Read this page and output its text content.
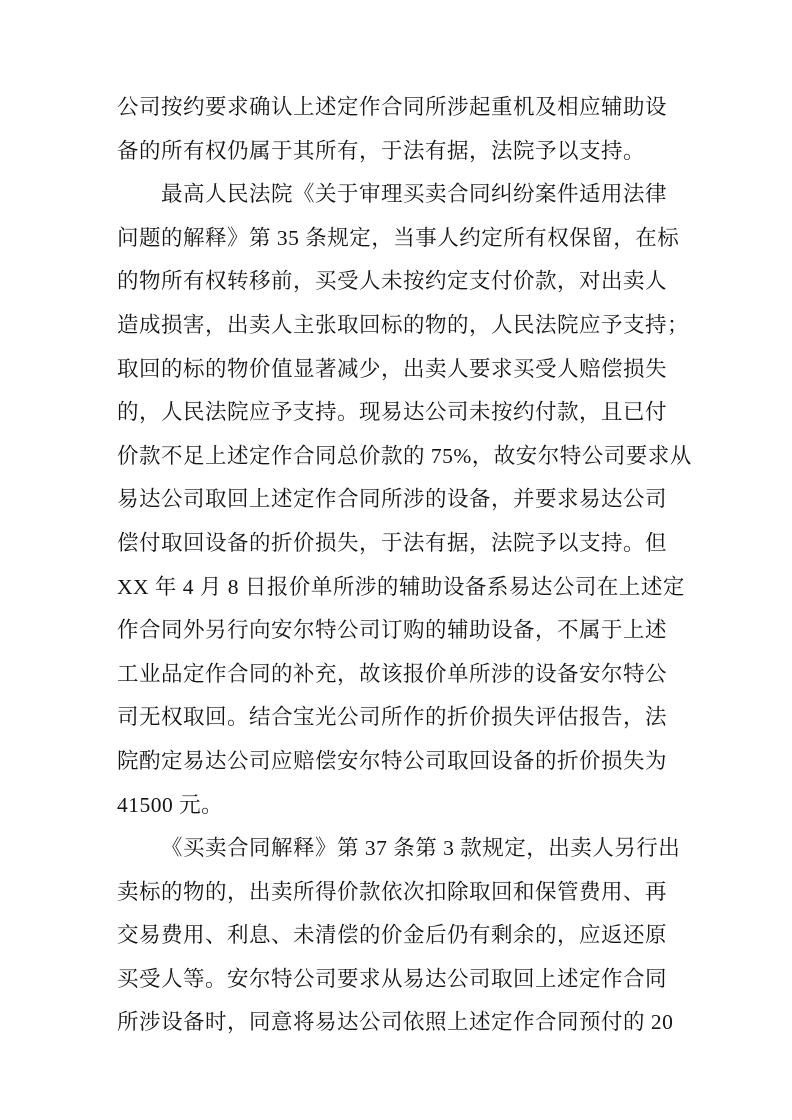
公司按约要求确认上述定作合同所涉起重机及相应辅助设
备的所有权仍属于其所有，于法有据，法院予以支持。
最高人民法院《关于审理买卖合同纠纷案件适用法律
问题的解释》第 35 条规定，当事人约定所有权保留，在标
的物所有权转移前，买受人未按约定支付价款，对出卖人
造成损害，出卖人主张取回标的物的，人民法院应予支持；
取回的标的物价值显著减少，出卖人要求买受人赔偿损失
的，人民法院应予支持。现易达公司未按约付款，且已付
价款不足上述定作合同总价款的 75%，故安尔特公司要求从
易达公司取回上述定作合同所涉的设备，并要求易达公司
偿付取回设备的折价损失，于法有据，法院予以支持。但
XX 年 4 月 8 日报价单所涉的辅助设备系易达公司在上述定
作合同外另行向安尔特公司订购的辅助设备，不属于上述
工业品定作合同的补充，故该报价单所涉的设备安尔特公
司无权取回。结合宝光公司所作的折价损失评估报告，法
院酌定易达公司应赔偿安尔特公司取回设备的折价损失为
41500 元。
《买卖合同解释》第 37 条第 3 款规定，出卖人另行出
卖标的物的，出卖所得价款依次扣除取回和保管费用、再
交易费用、利息、未清偿的价金后仍有剩余的，应返还原
买受人等。安尔特公司要求从易达公司取回上述定作合同
所涉设备时，同意将易达公司依照上述定作合同预付的 20
